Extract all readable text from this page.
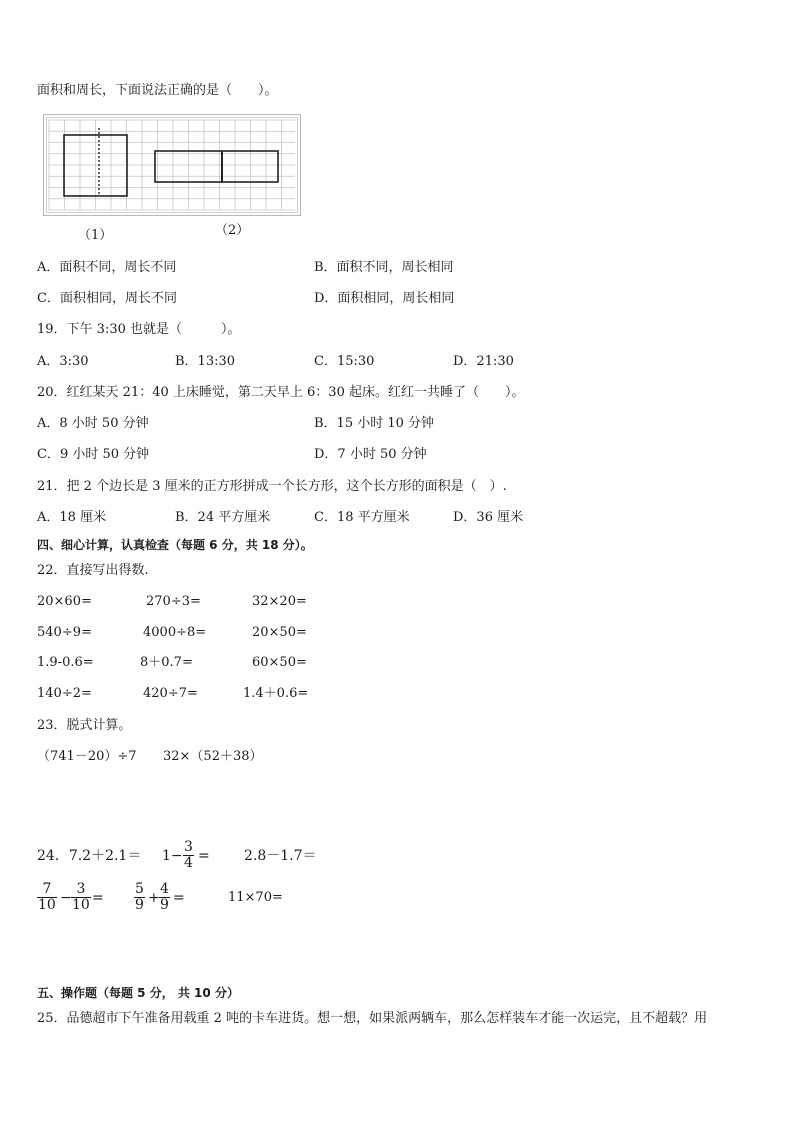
面积和周长，下面说法正确的是（　　）。
（1）	（2）
A．面积不同，周长不同	B．面积不同，周长相同
C．面积相同，周长不同	D．面积相同，周长相同
19．下午 3:30 也就是（　　　）。
A．3:30	B．13:30	C．15:30	D．21:30
20．红红某天 21：40 上床睡觉，第二天早上 6：30 起床。红红一共睡了（　　）。
A．8 小时 50 分钟	B．15 小时 10 分钟
C．9 小时 50 分钟	D．7 小时 50 分钟
21．把 2 个边长是 3 厘米的正方形拼成一个长方形，这个长方形的面积是（　）.
A．18 厘米	B．24 平方厘米	C．18 平方厘米	D．36 厘米
四、细心计算，认真检查（每题 6 分，共 18 分）。
22．直接写出得数.
20×60=	270÷3=	32×20=
540÷9=	4000÷8=	20×50=
1.9-0.6=	8＋0.7=	60×50=
140÷2=	420÷7=	1.4＋0.6=
23．脱式计算。
（741－20）÷7 32×（52＋38）
24．$7.2+2.1= 1- \frac{3}{4} = 2.8-1.7=$
$\frac{7}{10} - \frac{3}{10} = \frac{5}{9} + \frac{4}{9}$ =	11×70=
五、操作题（每题 5 分， 共 10 分）
25．品德超市下午准备用载重 2 吨的卡车进货。想一想，如果派两辆车，那么怎样装车才能一次运完，且不超载？用
